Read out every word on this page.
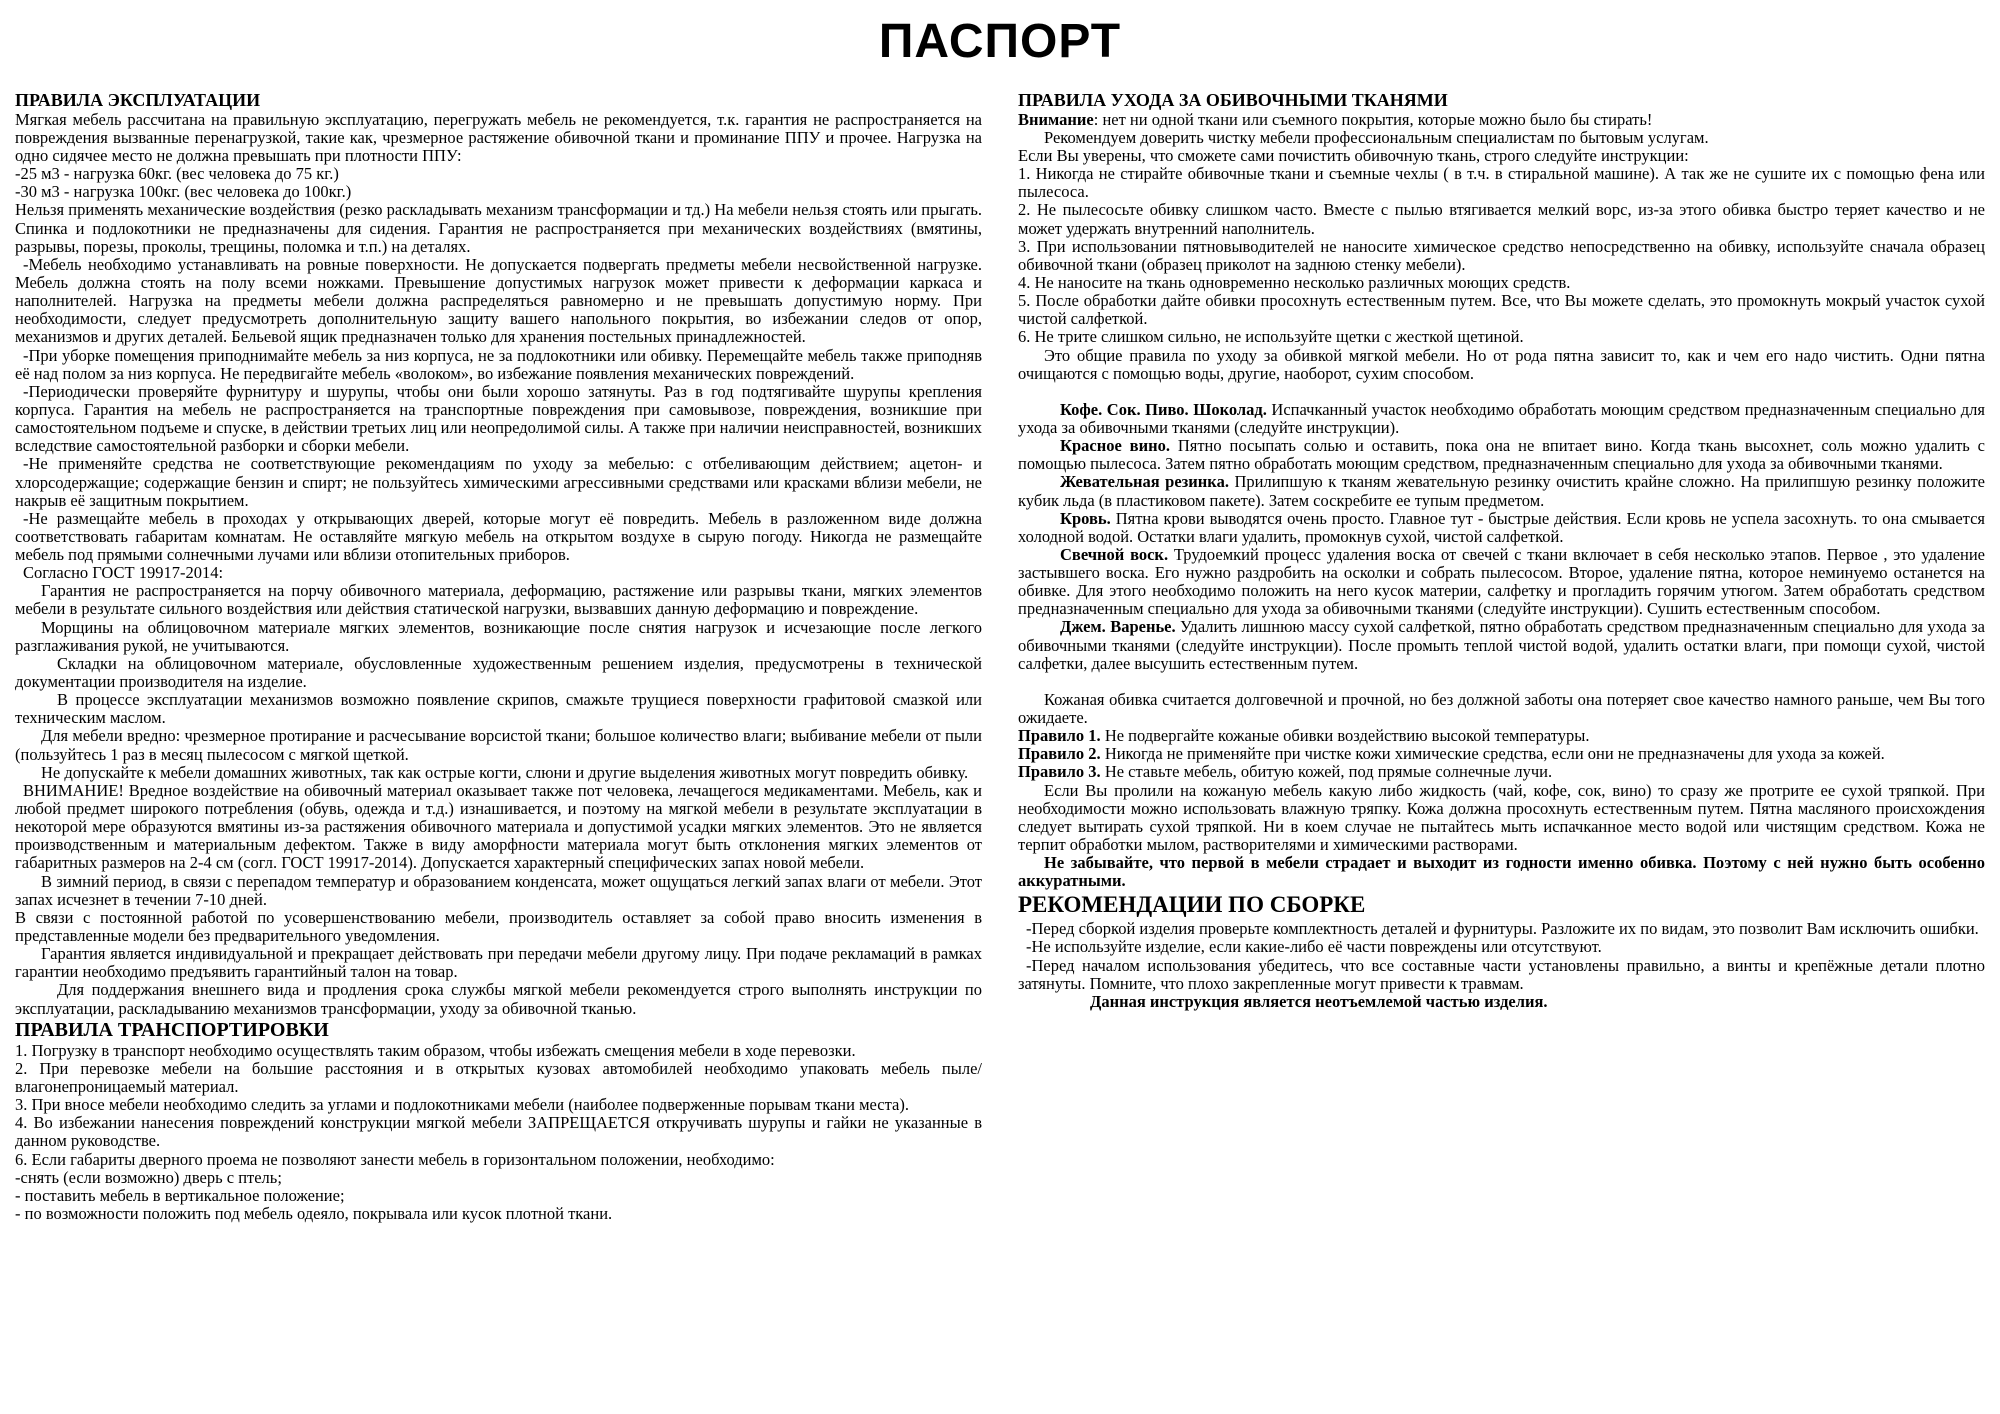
ПАСПОРТ

ПРАВИЛА ЭКСПЛУАТАЦИИ

Мягкая мебель рассчитана на правильную эксплуатацию, перегружать мебель не рекомендуется, т.к. гарантия не распространяется на повреждения вызванные перенагрузкой, такие как, чрезмерное растяжение обивочной ткани и проминание ППУ и прочее. Нагрузка на одно сидячее место не должна превышать при плотности ППУ:

-25 м3 - нагрузка 60кг. (вес человека до 75 кг.)

-30 м3 - нагрузка 100кг. (вес человека до 100кг.)

Нельзя применять механические воздействия (резко раскладывать механизм трансформации и тд.) На мебели нельзя стоять или прыгать. Спинка и подлокотники не предназначены для сидения. Гарантия не распространяется при механических воздействиях (вмятины, разрывы, порезы, проколы, трещины, поломка и т.п.) на деталях.

-Мебель необходимо устанавливать на ровные поверхности. Не допускается подвергать предметы мебели несвойственной нагрузке. Мебель должна стоять на полу всеми ножками. Превышение допустимых нагрузок может привести к деформации каркаса и наполнителей. Нагрузка на предметы мебели должна распределяться равномерно и не превышать допустимую норму. При необходимости, следует предусмотреть дополнительную защиту вашего напольного покрытия, во избежании следов от опор, механизмов и других деталей. Бельевой ящик предназначен только для хранения постельных принадлежностей.

-При уборке помещения приподнимайте мебель за низ корпуса, не за подлокотники или обивку. Перемещайте мебель также приподняв её над полом за низ корпуса. Не передвигайте мебель «волоком», во избежание появления механических повреждений.

-Периодически проверяйте фурнитуру и шурупы, чтобы они были хорошо затянуты. Раз в год подтягивайте шурупы крепления корпуса. Гарантия на мебель не распространяется на транспортные повреждения при самовывозе, повреждения, возникшие при самостоятельном подъеме и спуске, в действии третьих лиц или неопредолимой силы. А также при наличии неисправностей, возникших вследствие самостоятельной разборки и сборки мебели.

-Не применяйте средства не соответствующие рекомендациям по уходу за мебелью: с отбеливающим действием; ацетон- и хлорсодержащие; содержащие бензин и спирт; не пользуйтесь химическими агрессивными средствами или красками вблизи мебели, не накрыв её защитным покрытием.

-Не размещайте мебель в проходах у открывающих дверей, которые могут её повредить. Мебель в разложенном виде должна соответствовать габаритам комнатам. Не оставляйте мягкую мебель на открытом воздухе в сырую погоду. Никогда не размещайте мебель под прямыми солнечными лучами или вблизи отопительных приборов.

Согласно ГОСТ 19917-2014:

Гарантия не распространяется на порчу обивочного материала, деформацию, растяжение или разрывы ткани, мягких элементов мебели в результате сильного воздействия или действия статической нагрузки, вызвавших данную деформацию и повреждение.

Морщины на облицовочном материале мягких элементов, возникающие после снятия нагрузок и исчезающие после легкого разглаживания рукой, не учитываются.

Складки на облицовочном материале, обусловленные художественным решением изделия, предусмотрены в технической документации производителя на изделие.

В процессе эксплуатации механизмов возможно появление скрипов, смажьте трущиеся поверхности графитовой смазкой или техническим маслом.

Для мебели вредно: чрезмерное протирание и расчесывание ворсистой ткани; большое количество влаги; выбивание мебели от пыли (пользуйтесь 1 раз в месяц пылесосом с мягкой щеткой.

Не допускайте к мебели домашних животных, так как острые когти, слюни и другие выделения животных могут повредить обивку.

ВНИМАНИЕ! Вредное воздействие на обивочный материал оказывает также пот человека, лечащегося медикаментами. Мебель, как и любой предмет широкого потребления (обувь, одежда и т.д.) изнашивается, и поэтому на мягкой мебели в результате эксплуатации в некоторой мере образуются вмятины из-за растяжения обивочного материала и допустимой усадки мягких элементов. Это не является производственным и материальным дефектом. Также в виду аморфности материала могут быть отклонения мягких элементов от габаритных размеров на 2-4 см (согл. ГОСТ 19917-2014). Допускается характерный специфических запах новой мебели.

В зимний период, в связи с перепадом температур и образованием конденсата, может ощущаться легкий запах влаги от мебели. Этот запах исчезнет в течении 7-10 дней.

В связи с постоянной работой по усовершенствованию мебели, производитель оставляет за собой право вносить изменения в представленные модели без предварительного уведомления.

Гарантия является индивидуальной и прекращает действовать при передачи мебели другому лицу. При подаче рекламаций в рамках гарантии необходимо предъявить гарантийный талон на товар.

Для поддержания внешнего вида и продления срока службы мягкой мебели рекомендуется строго выполнять инструкции по эксплуатации, раскладыванию механизмов трансформации, уходу за обивочной тканью.

ПРАВИЛА ТРАНСПОРТИРОВКИ

1. Погрузку в транспорт необходимо осуществлять таким образом, чтобы избежать смещения мебели в ходе перевозки.

2. При перевозке мебели на большие расстояния и в открытых кузовах автомобилей необходимо упаковать мебель пыле/влагонепроницаемый материал.

3. При вносе мебели необходимо следить за углами и подлокотниками мебели (наиболее подверженные порывам ткани места).

4. Во избежании нанесения повреждений конструкции мягкой мебели ЗАПРЕЩАЕТСЯ откручивать шурупы и гайки не указанные в данном руководстве.

6. Если габариты дверного проема не позволяют занести мебель в горизонтальном положении, необходимо:

-снять (если возможно) дверь с птель;

- поставить мебель в вертикальное положение;

- по возможности положить под мебель одеяло, покрывала или кусок плотной ткани.

ПРАВИЛА УХОДА ЗА ОБИВОЧНЫМИ ТКАНЯМИ

Внимание: нет ни одной ткани или съемного покрытия, которые можно было бы стирать!

Рекомендуем доверить чистку мебели профессиональным специалистам по бытовым услугам.

Если Вы уверены, что сможете сами почистить обивочную ткань, строго следуйте инструкции:

1. Никогда не стирайте обивочные ткани и съемные чехлы ( в т.ч. в стиральной машине). А так же не сушите их с помощью фена или пылесоса.

2. Не пылесосьте обивку слишком часто. Вместе с пылью втягивается мелкий ворс, из-за этого обивка быстро теряет качество и не может удержать внутренний наполнитель.

3. При использовании пятновыводителей не наносите химическое средство непосредственно на обивку, используйте сначала образец обивочной ткани (образец приколот на заднюю стенку мебели).

4. Не наносите на ткань одновременно несколько различных моющих средств.

5. После обработки дайте обивки просохнуть естественным путем. Все, что Вы можете сделать, это промокнуть мокрый участок сухой чистой салфеткой.

6. Не трите слишком сильно, не используйте щетки с жесткой щетиной.

Это общие правила по уходу за обивкой мягкой мебели. Но от рода пятна зависит то, как и чем его надо чистить. Одни пятна очищаются с помощью воды, другие, наоборот, сухим способом.

Кофе. Сок. Пиво. Шоколад. Испачканный участок необходимо обработать моющим средством предназначенным специально для ухода за обивочными тканями (следуйте инструкции).

Красное вино. Пятно посыпать солью и оставить, пока она не впитает вино. Когда ткань высохнет, соль можно удалить с помощью пылесоса. Затем пятно обработать моющим средством, предназначенным специально для ухода за обивочными тканями.

Жевательная резинка. Прилипшую к тканям жевательную резинку очистить крайне сложно. На прилипшую резинку положите кубик льда (в пластиковом пакете). Затем соскребите ее тупым предметом.

Кровь. Пятна крови выводятся очень просто. Главное тут - быстрые действия. Если кровь не успела засохнуть. то она смывается холодной водой. Остатки влаги удалить, промокнув сухой, чистой салфеткой.

Свечной воск. Трудоемкий процесс удаления воска от свечей с ткани включает в себя несколько этапов. Первое , это удаление застывшего воска. Его нужно раздробить на осколки и собрать пылесосом. Второе, удаление пятна, которое неминуемо останется на обивке. Для этого необходимо положить на него кусок материи, салфетку и прогладить горячим утюгом. Затем обработать средством предназначенным специально для ухода за обивочными тканями (следуйте инструкции). Сушить естественным способом.

Джем. Варенье. Удалить лишнюю массу сухой салфеткой, пятно обработать средством предназначенным специально для ухода за обивочными тканями (следуйте инструкции). После промыть теплой чистой водой, удалить остатки влаги, при помощи сухой, чистой салфетки, далее высушить естественным путем.

Кожаная обивка считается долговечной и прочной, но без должной заботы она потеряет свое качество намного раньше, чем Вы того ожидаете.

Правило 1. Не подвергайте кожаные обивки воздействию высокой температуры.

Правило 2. Никогда не применяйте при чистке кожи химические средства, если они не предназначены для ухода за кожей.

Правило 3. Не ставьте мебель, обитую кожей, под прямые солнечные лучи.

Если Вы пролили на кожаную мебель какую либо жидкость (чай, кофе, сок, вино) то сразу же протрите ее сухой тряпкой. При необходимости можно использовать влажную тряпку. Кожа должна просохнуть естественным путем. Пятна масляного происхождения следует вытирать сухой тряпкой. Ни в коем случае не пытайтесь мыть испачканное место водой или чистящим средством. Кожа не терпит обработки мылом, растворителями и химическими растворами.

Не забывайте, что первой в мебели страдает и выходит из годности именно обивка. Поэтому с ней нужно быть особенно аккуратными.

РЕКОМЕНДАЦИИ ПО СБОРКЕ

-Перед сборкой изделия проверьте комплектность деталей и фурнитуры. Разложите их по видам, это позволит Вам исключить ошибки.

-Не используйте изделие, если какие-либо её части повреждены или отсутствуют.

-Перед началом использования убедитесь, что все составные части установлены правильно, а винты и крепёжные детали плотно затянуты. Помните, что плохо закрепленные могут привести к травмам.

Данная инструкция является неотъемлемой частью изделия.
